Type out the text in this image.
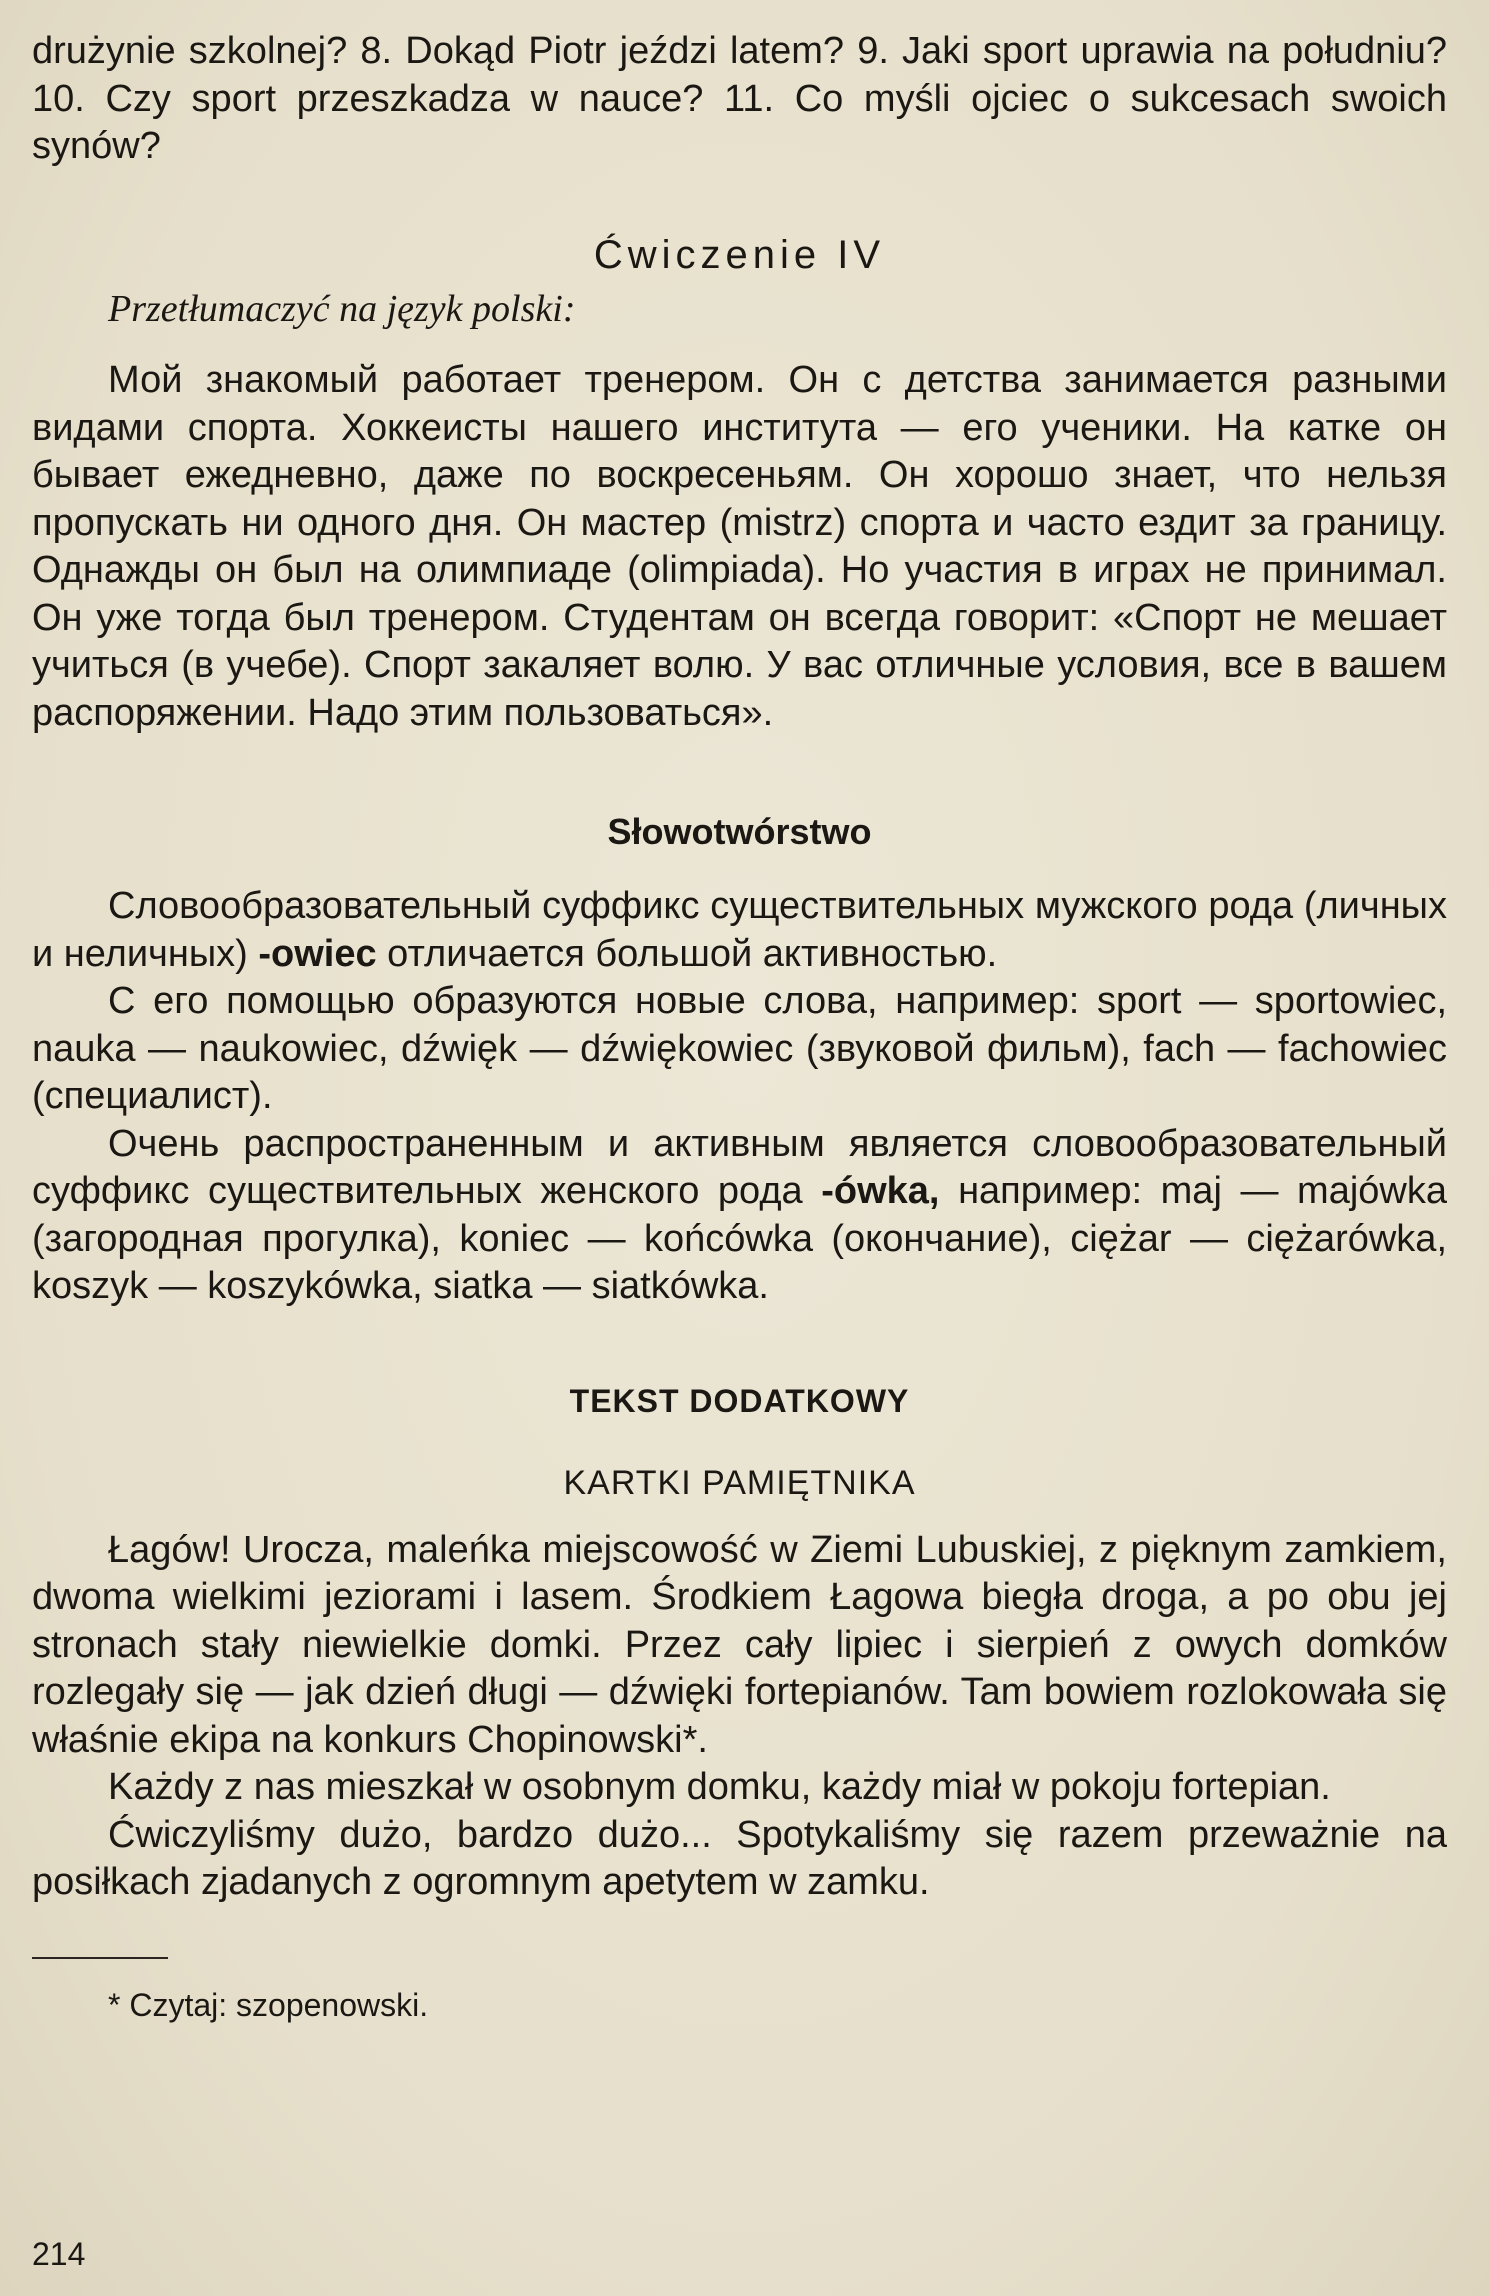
drużynie szkolnej? 8. Dokąd Piotr jeździ latem? 9. Jaki sport uprawia na południu? 10. Czy sport przeszkadza w nauce? 11. Co myśli ojciec o sukcesach swoich synów?

Ćwiczenie IV

Przetłumaczyć na język polski:

Мой знакомый работает тренером. Он с детства занимается разными видами спорта. Хоккеисты нашего института — его ученики. На катке он бывает ежедневно, даже по воскресеньям. Он хорошо знает, что нельзя пропускать ни одного дня. Он мастер (mistrz) спорта и часто ездит за границу. Однажды он был на олимпиаде (olimpiada). Но участия в играх не принимал. Он уже тогда был тренером. Студентам он всегда говорит: «Спорт не мешает учиться (в учебе). Спорт закаляет волю. У вас отличные условия, все в вашем распоряжении. Надо этим пользоваться».

Słowotwórstwo

Словообразовательный суффикс существительных мужского рода (личных и неличных) -owiec отличается большой активностью.

С его помощью образуются новые слова, например: sport — sportowiec, nauka — naukowiec, dźwięk — dźwiękowiec (звуковой фильм), fach — fachowiec (специалист).

Очень распространенным и активным является словообразовательный суффикс существительных женского рода -ówka, например: maj — majówka (загородная прогулка), koniec — końcówka (окончание), ciężar — ciężarówka, koszyk — koszykówka, siatka — siatkówka.

TEKST DODATKOWY
KARTKI PAMIĘTNIKA

Łagów! Urocza, maleńka miejscowość w Ziemi Lubuskiej, z pięknym zamkiem, dwoma wielkimi jeziorami i lasem. Środkiem Łagowa biegła droga, a po obu jej stronach stały niewielkie domki. Przez cały lipiec i sierpień z owych domków rozlegały się — jak dzień długi — dźwięki fortepianów. Tam bowiem rozlokowała się właśnie ekipa na konkurs Chopinowski*.

Każdy z nas mieszkał w osobnym domku, każdy miał w pokoju fortepian.

Ćwiczyliśmy dużo, bardzo dużo... Spotykaliśmy się razem przeważnie na posiłkach zjadanych z ogromnym apetytem w zamku.

* Czytaj: szopenowski.

214
